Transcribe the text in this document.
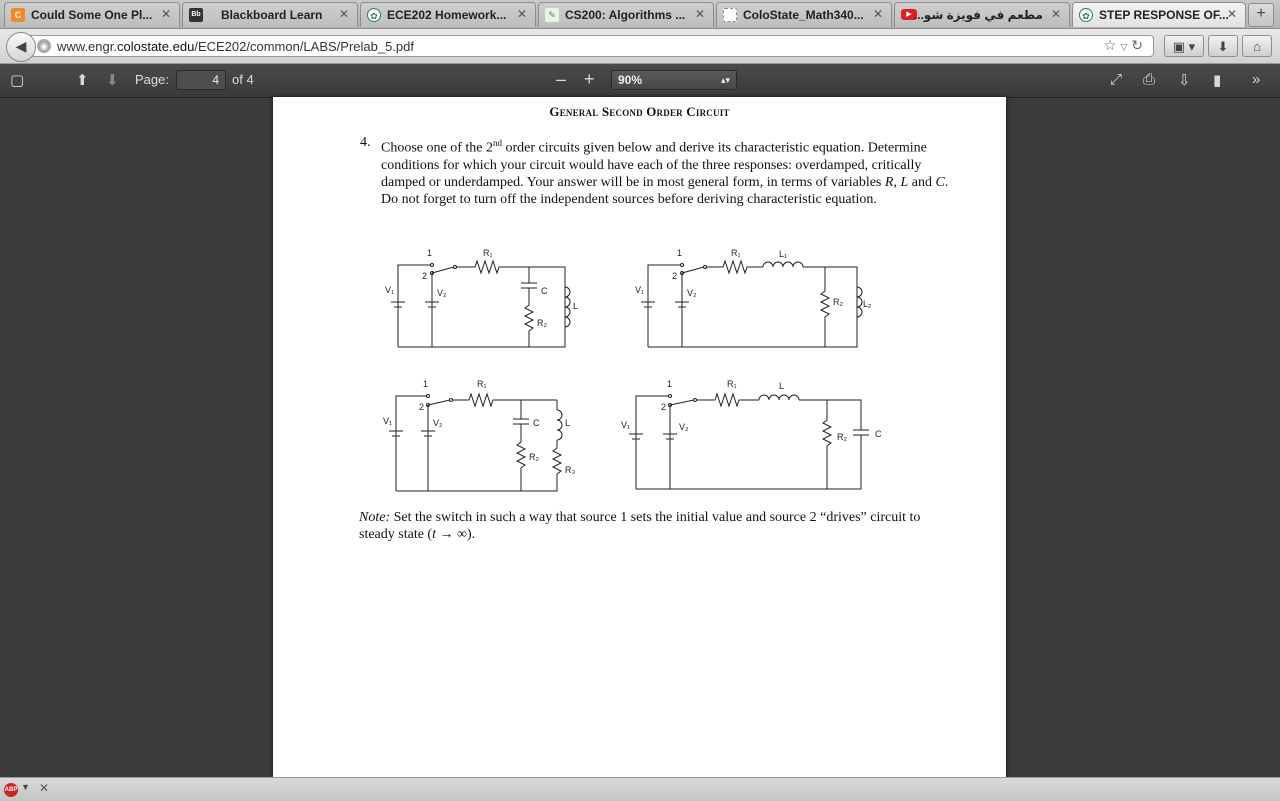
C Could Some One Pl... ✕	Bb Blackboard Learn	✕	✿ ECE202 Homework... ✕	✎ CS200: Algorithms ... ✕	ColoState_Math340... ✕	▶ مطعم في فويزة شو... ✕	✿ STEP RESPONSE OF...
✕	+
◉ www.engr.colostate.edu/ECE202/common/LABS/Prelab_5.pdf	☆▽↻
◀	▣ ▾	⬇	⌂
▢	⬆ ⬇ Page:	4	of 4	– +	90%	▴▾	⤢ ⎙ ⇩ ▮ »
General Second Order Circuit
4. Choose one of the 2nd order circuits given below and derive its characteristic equation. Determine conditions for which your circuit would have each of the three responses: overdamped, critically damped or underdamped. Your answer will be in most general form, in terms of variables R, L and C. Do not forget to turn off the independent sources before deriving characteristic equation.
1
2
V₁	V₂
R₁
C
R₂
L
1
2
V₁	V₂
R₁	L₁
R₂ L₂
1
2
V₁	V₂
R₁
C
R₂
L
R₃
1
2
V₁	V₂
R₁	L
R₂	C
Note: Set the switch in such a way that source 1 sets the initial value and source 2 “drives” circuit to steady state (t → ∞).
ABP ▼ ✕
